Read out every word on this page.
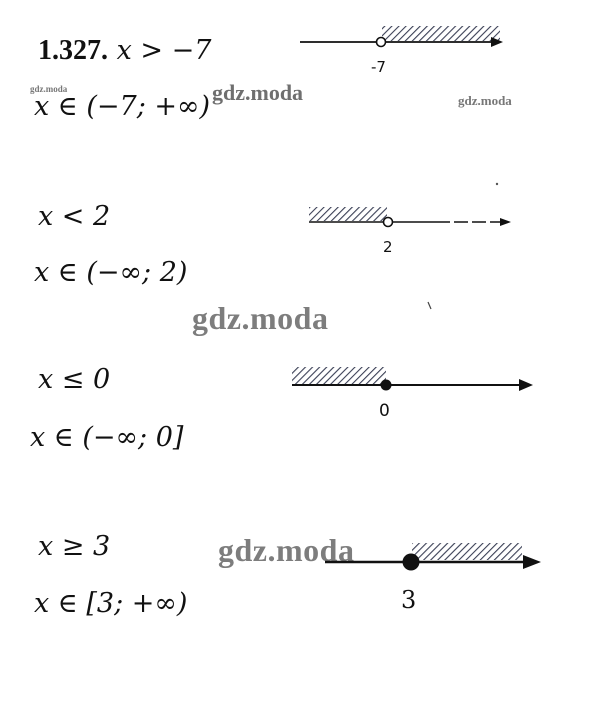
gdz.moda	gdz.moda	gdz.moda
gdz.moda
gdz.moda
1.327. x > −7
x ∈ (−7; +∞)
x < 2
x ∈ (−∞; 2)
x ≤ 0
x ∈ (−∞; 0]
x ≥ 3
x ∈ [3; +∞)
-7
2
0
3
